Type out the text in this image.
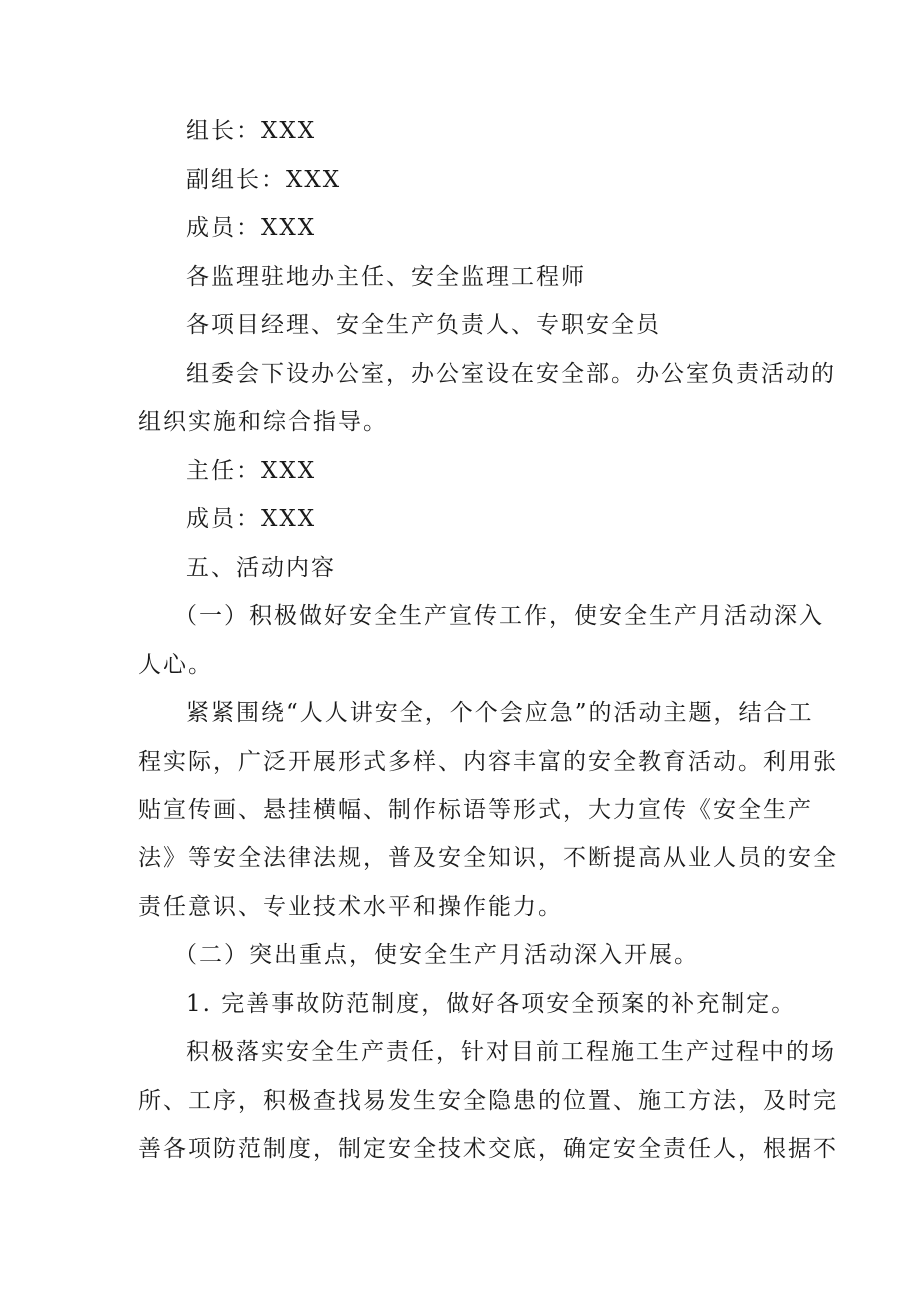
组长：XXX
副组长：XXX
成员：XXX
各监理驻地办主任、安全监理工程师
各项目经理、安全生产负责人、专职安全员
组委会下设办公室，办公室设在安全部。办公室负责活动的
组织实施和综合指导。
主任：XXX
成员：XXX
五、活动内容
（一）积极做好安全生产宣传工作，使安全生产月活动深入
人心。
紧紧围绕“人人讲安全，个个会应急”的活动主题，结合工
程实际，广泛开展形式多样、内容丰富的安全教育活动。利用张
贴宣传画、悬挂横幅、制作标语等形式，大力宣传《安全生产
法》等安全法律法规，普及安全知识，不断提高从业人员的安全
责任意识、专业技术水平和操作能力。
（二）突出重点，使安全生产月活动深入开展。
1. 完善事故防范制度，做好各项安全预案的补充制定。
积极落实安全生产责任，针对目前工程施工生产过程中的场
所、工序，积极查找易发生安全隐患的位置、施工方法，及时完
善各项防范制度，制定安全技术交底，确定安全责任人，根据不
